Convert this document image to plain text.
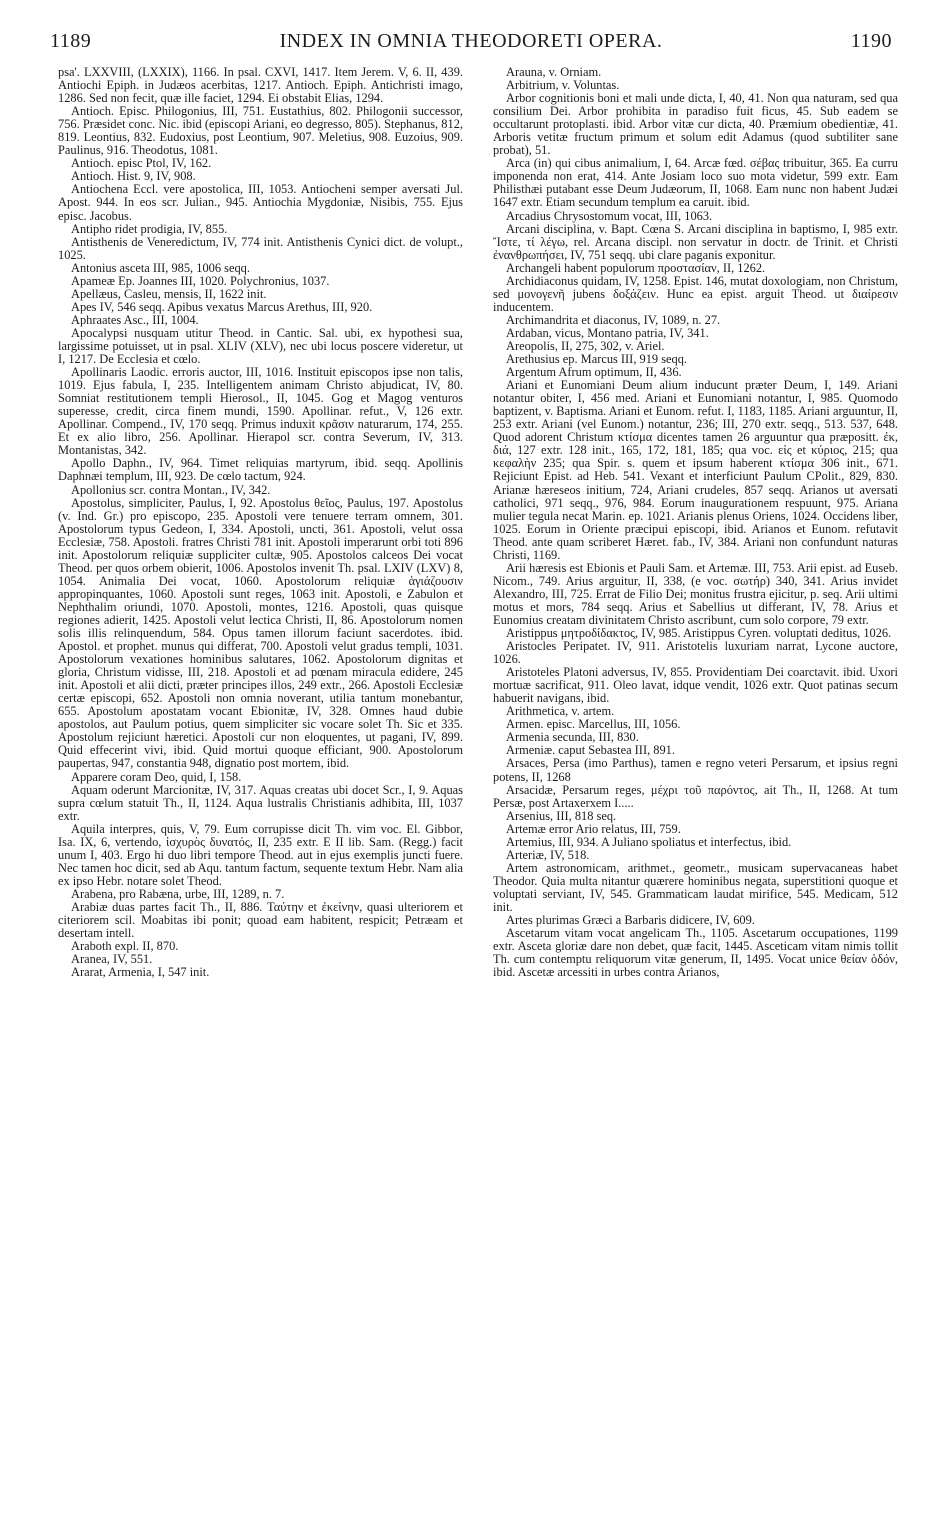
1189	INDEX IN OMNIA THEODORETI OPERA.	1190

psa'. LXXVIII, (LXXIX), 1166. In psal. CXVI, 1417. Item Jerem. V, 6. II, 439. Antiochi Epiph. in Judæos acerbitas, 1217. Antioch. Epiph. Antichristi imago, 1286. Sed non fecit, quæ ille faciet, 1294. Ei obstabit Elias, 1294.

Antioch. Episc. Philogonius, III, 751. Eustathius, 802. Philogonii successor, 756. Præsidet conc. Nic. ibid (episcopi Ariani, eo degresso, 805). Stephanus, 812, 819. Leontius, 832. Eudoxius, post Leontium, 907. Meletius, 908. Euzoius, 909. Paulinus, 916. Theodotus, 1081.

Antioch. episc Ptol, IV, 162.

Antioch. Hist. 9, IV, 908.

Antiochena Eccl. vere apostolica, III, 1053. Antiocheni semper aversati Jul. Apost. 944. In eos scr. Julian., 945. Antiochia Mygdoniæ, Nisibis, 755. Ejus episc. Jacobus.

Antipho ridet prodigia, IV, 855.

Antisthenis de Veneredictum, IV, 774 init. Antisthenis Cynici dict. de volupt., 1025.

Antonius asceta III, 985, 1006 seqq.

Apameæ Ep. Joannes III, 1020. Polychronius, 1037.

Apellæus, Casleu, mensis, II, 1622 init.

Apes IV, 546 seqq. Apibus vexatus Marcus Arethus, III, 920.

Aphraates Asc., III, 1004.

Apocalypsi nusquam utitur Theod. in Cantic. Sal. ubi, ex hypothesi sua, largissime potuisset, ut in psal. XLIV (XLV), nec ubi locus poscere videretur, ut I, 1217. De Ecclesia et cœlo.

Apollinaris Laodic. erroris auctor, III, 1016. Instituit episcopos ipse non talis, 1019. Ejus fabula, I, 235. Intelligentem animam Christo abjudicat, IV, 80. Somniat restitutionem templi Hierosol., II, 1045. Gog et Magog venturos superesse, credit, circa finem mundi, 1590. Apollinar. refut., V, 126 extr. Apollinar. Compend., IV, 170 seqq. Primus induxit κρᾶσιν naturarum, 174, 255. Et ex alio libro, 256. Apollinar. Hierapol scr. contra Severum, IV, 313. Montanistas, 342.

Apollo Daphn., IV, 964. Timet reliquias martyrum, ibid. seqq. Apollinis Daphnæi templum, III, 923. De cœlo tactum, 924.

Apollonius scr. contra Montan., IV, 342.

Apostolus, simpliciter, Paulus, I, 92. Apostolus θεῖος, Paulus, 197. Apostolus (v. Ind. Gr.) pro episcopo, 235. Apostoli vere tenuere terram omnem, 301. Apostolorum typus Gedeon, I, 334. Apostoli, uncti, 361. Apostoli, velut ossa Ecclesiæ, 758. Apostoli. fratres Christi 781 init. Apostoli imperarunt orbi toti 896 init. Apostolorum reliquiæ suppliciter cultæ, 905. Apostolos calceos Dei vocat Theod. per quos orbem obierit, 1006. Apostolos invenit Th. psal. LXIV (LXV) 8, 1054. Animalia Dei vocat, 1060. Apostolorum reliquiæ ἁγιάζουσιν appropinquantes, 1060. Apostoli sunt reges, 1063 init. Apostoli, e Zabulon et Nephthalim oriundi, 1070. Apostoli, montes, 1216. Apostoli, quas quisque regiones adierit, 1425. Apostoli velut lectica Christi, II, 86. Apostolorum nomen solis illis relinquendum, 584. Opus tamen illorum faciunt sacerdotes. ibid. Apostol. et prophet. munus qui differat, 700. Apostoli velut gradus templi, 1031. Apostolorum vexationes hominibus salutares, 1062. Apostolorum dignitas et gloria, Christum vidisse, III, 218. Apostoli et ad pœnam miracula edidere, 245 init. Apostoli et alii dicti, præter principes illos, 249 extr., 266. Apostoli Ecclesiæ certæ episcopi, 652. Apostoli non omnia noverant, utilia tantum monebantur, 655. Apostolum apostatam vocant Ebionitæ, IV, 328. Omnes haud dubie apostolos, aut Paulum potius, quem simpliciter sic vocare solet Th. Sic et 335. Apostolum rejiciunt hæretici. Apostoli cur non eloquentes, ut pagani, IV, 899. Quid effecerint vivi, ibid. Quid mortui quoque efficiant, 900. Apostolorum paupertas, 947, constantia 948, dignatio post mortem, ibid.

Apparere coram Deo, quid, I, 158.

Aquam oderunt Marcionitæ, IV, 317. Aquas creatas ubi docet Scr., I, 9. Aquas supra cœlum statuit Th., II, 1124. Aqua lustralis Christianis adhibita, III, 1037 extr.

Aquila interpres, quis, V, 79. Eum corrupisse dicit Th. vim voc. El. Gibbor, Isa. IX, 6, vertendo, ἰσχυρὸς δυνατός, II, 235 extr. E II lib. Sam. (Regg.) facit unum I, 403. Ergo hi duo libri tempore Theod. aut in ejus exemplis juncti fuere. Nec tamen hoc dicit, sed ab Aqu. tantum factum, sequente textum Hebr. Nam alia ex ipso Hebr. notare solet Theod.

Arabena, pro Rabæna, urbe, III, 1289, n. 7.

Arabiæ duas partes facit Th., II, 886. Ταύτην et ἐκείνην, quasi ulteriorem et citeriorem scil. Moabitas ibi ponit; quoad eam habitent, respicit; Petræam et desertam intell.

Araboth expl. II, 870.

Aranea, IV, 551.

Ararat, Armenia, I, 547 init.

Arauna, v. Orniam.

Arbitrium, v. Voluntas.

Arbor cognitionis boni et mali unde dicta, I, 40, 41. Non qua naturam, sed qua consilium Dei. Arbor prohibita in paradiso fuit ficus, 45. Sub eadem se occultarunt protoplasti. ibid. Arbor vitæ cur dicta, 40. Præmium obedientiæ, 41. Arboris vetitæ fructum primum et solum edit Adamus (quod subtiliter sane probat), 51.

Arca (in) qui cibus animalium, I, 64. Arcæ fœd. σέβας tribuitur, 365. Ea curru imponenda non erat, 414. Ante Josiam loco suo mota videtur, 599 extr. Eam Philisthæi putabant esse Deum Judæorum, II, 1068. Eam nunc non habent Judæi 1647 extr. Etiam secundum templum ea caruit. ibid.

Arcadius Chrysostomum vocat, III, 1063.

Arcani disciplina, v. Bapt. Cœna S. Arcani disciplina in baptismo, I, 985 extr. Ἴστε, τί λέγω, rel. Arcana discipl. non servatur in doctr. de Trinit. et Christi ἐνανθρωπήσει, IV, 751 seqq. ubi clare paganis exponitur.

Archangeli habent populorum προστασίαν, II, 1262.

Archidiaconus quidam, IV, 1258. Epist. 146, mutat doxologiam, non Christum, sed μονογενῆ jubens δοξάζειν. Hunc ea epist. arguit Theod. ut διαίρεσιν inducentem.

Archimandrita et diaconus, IV, 1089, n. 27.

Ardaban, vicus, Montano patria, IV, 341.

Areopolis, II, 275, 302, v. Ariel.

Arethusius ep. Marcus III, 919 seqq.

Argentum Afrum optimum, II, 436.

Ariani et Eunomiani Deum alium inducunt præter Deum, I, 149. Ariani notantur obiter, I, 456 med. Ariani et Eunomiani notantur, I, 985. Quomodo baptizent, v. Baptisma. Ariani et Eunom. refut. I, 1183, 1185. Ariani arguuntur, II, 253 extr. Ariani (vel Eunom.) notantur, 236; III, 270 extr. seqq., 513. 537, 648. Quod adorent Christum κτίσμα dicentes tamen 26 arguuntur qua præpositt. ἐκ, διά, 127 extr. 128 init., 165, 172, 181, 185; qua voc. εἰς et κύριος, 215; qua κεφαλὴν 235; qua Spir. s. quem et ipsum haberent κτίσμα 306 init., 671. Rejiciunt Epist. ad Heb. 541. Vexant et interficiunt Paulum CPolit., 829, 830. Arianæ hæreseos initium, 724, Ariani crudeles, 857 seqq. Arianos ut aversati catholici, 971 seqq., 976, 984. Eorum inaugurationem respuunt, 975. Ariana mulier tegula necat Marin. ep. 1021. Arianis plenus Oriens, 1024. Occidens liber, 1025. Eorum in Oriente præcipui episcopi, ibid. Arianos et Eunom. refutavit Theod. ante quam scriberet Hæret. fab., IV, 384. Ariani non confundunt naturas Christi, 1169.

Arii hæresis est Ebionis et Pauli Sam. et Artemæ. III, 753. Arii epist. ad Euseb. Nicom., 749. Arius arguitur, II, 338, (e voc. σωτήρ) 340, 341. Arius invidet Alexandro, III, 725. Errat de Filio Dei; monitus frustra ejicitur, p. seq. Arii ultimi motus et mors, 784 seqq. Arius et Sabellius ut differant, IV, 78. Arius et Eunomius creatam divinitatem Christo ascribunt, cum solo corpore, 79 extr.

Aristippus μητροδίδακτος, IV, 985. Aristippus Cyren. voluptati deditus, 1026.

Aristocles Peripatet. IV, 911. Aristotelis luxuriam narrat, Lycone auctore, 1026.

Aristoteles Platoni adversus, IV, 855. Providentiam Dei coarctavit. ibid. Uxori mortuæ sacrificat, 911. Oleo lavat, idque vendit, 1026 extr. Quot patinas secum habuerit navigans, ibid.

Arithmetica, v. artem.

Armen. episc. Marcellus, III, 1056.

Armenia secunda, III, 830.

Armeniæ. caput Sebastea III, 891.

Arsaces, Persa (imo Parthus), tamen e regno veteri Persarum, et ipsius regni potens, II, 1268

Arsacidæ, Persarum reges, μέχρι τοῦ παρόντος, ait Th., II, 1268. At tum Persæ, post Artaxerxem I.....

Arsenius, III, 818 seq.

Artemæ error Ario relatus, III, 759.

Artemius, III, 934. A Juliano spoliatus et interfectus, ibid.

Arteriæ, IV, 518.

Artem astronomicam, arithmet., geometr., musicam supervacaneas habet Theodor. Quia multa nitantur quærere hominibus negata, superstitioni quoque et voluptati serviant, IV, 545. Grammaticam laudat mirifice, 545. Medicam, 512 init.

Artes plurimas Græci a Barbaris didicere, IV, 609.

Ascetarum vitam vocat angelicam Th., 1105. Ascetarum occupationes, 1199 extr. Asceta gloriæ dare non debet, quæ facit, 1445. Asceticam vitam nimis tollit Th. cum contemptu reliquorum vitæ generum, II, 1495. Vocat unice θείαν ὁδόν, ibid. Ascetæ arcessiti in urbes contra Arianos,
